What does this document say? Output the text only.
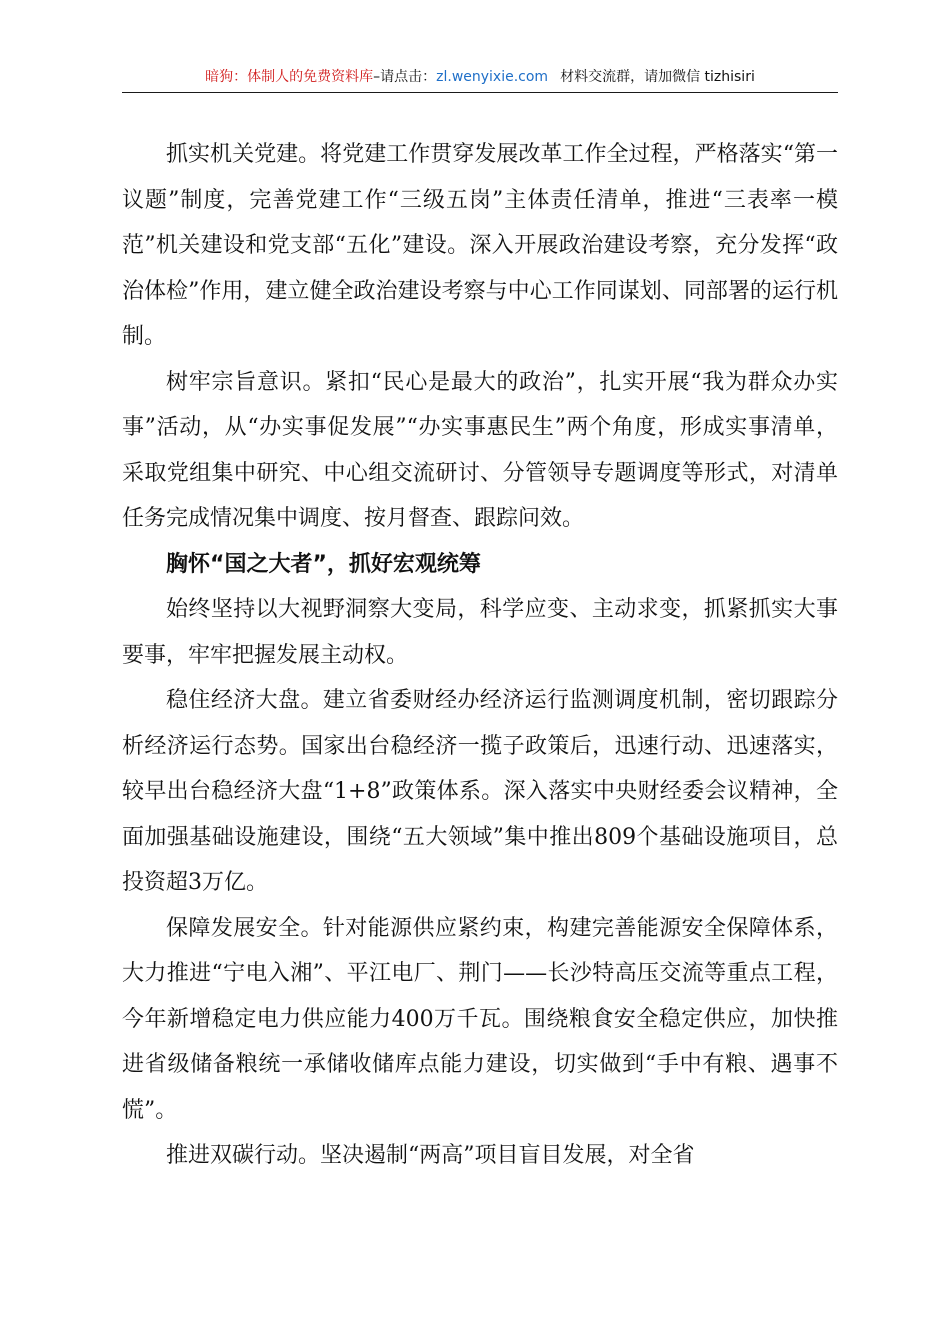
暗狗：体制人的免费资料库–请点击：zl.wenyixie.com 材料交流群，请加微信 tizhisiri

抓实机关党建。将党建工作贯穿发展改革工作全过程，严格落实“第一议题”制度，完善党建工作“三级五岗”主体责任清单，推进“三表率一模范”机关建设和党支部“五化”建设。深入开展政治建设考察，充分发挥“政治体检”作用，建立健全政治建设考察与中心工作同谋划、同部署的运行机制。

树牢宗旨意识。紧扣“民心是最大的政治”，扎实开展“我为群众办实事”活动，从“办实事促发展”“办实事惠民生”两个角度，形成实事清单，采取党组集中研究、中心组交流研讨、分管领导专题调度等形式，对清单任务完成情况集中调度、按月督查、跟踪问效。

胸怀“国之大者”，抓好宏观统筹

始终坚持以大视野洞察大变局，科学应变、主动求变，抓紧抓实大事要事，牢牢把握发展主动权。

稳住经济大盘。建立省委财经办经济运行监测调度机制，密切跟踪分析经济运行态势。国家出台稳经济一揽子政策后，迅速行动、迅速落实，较早出台稳经济大盘“1+8”政策体系。深入落实中央财经委会议精神，全面加强基础设施建设，围绕“五大领域”集中推出809个基础设施项目，总投资超3万亿。

保障发展安全。针对能源供应紧约束，构建完善能源安全保障体系，大力推进“宁电入湘”、平江电厂、荆门——长沙特高压交流等重点工程，今年新增稳定电力供应能力400万千瓦。围绕粮食安全稳定供应，加快推进省级储备粮统一承储收储库点能力建设，切实做到“手中有粮、遇事不慌”。

推进双碳行动。坚决遏制“两高”项目盲目发展，对全省
